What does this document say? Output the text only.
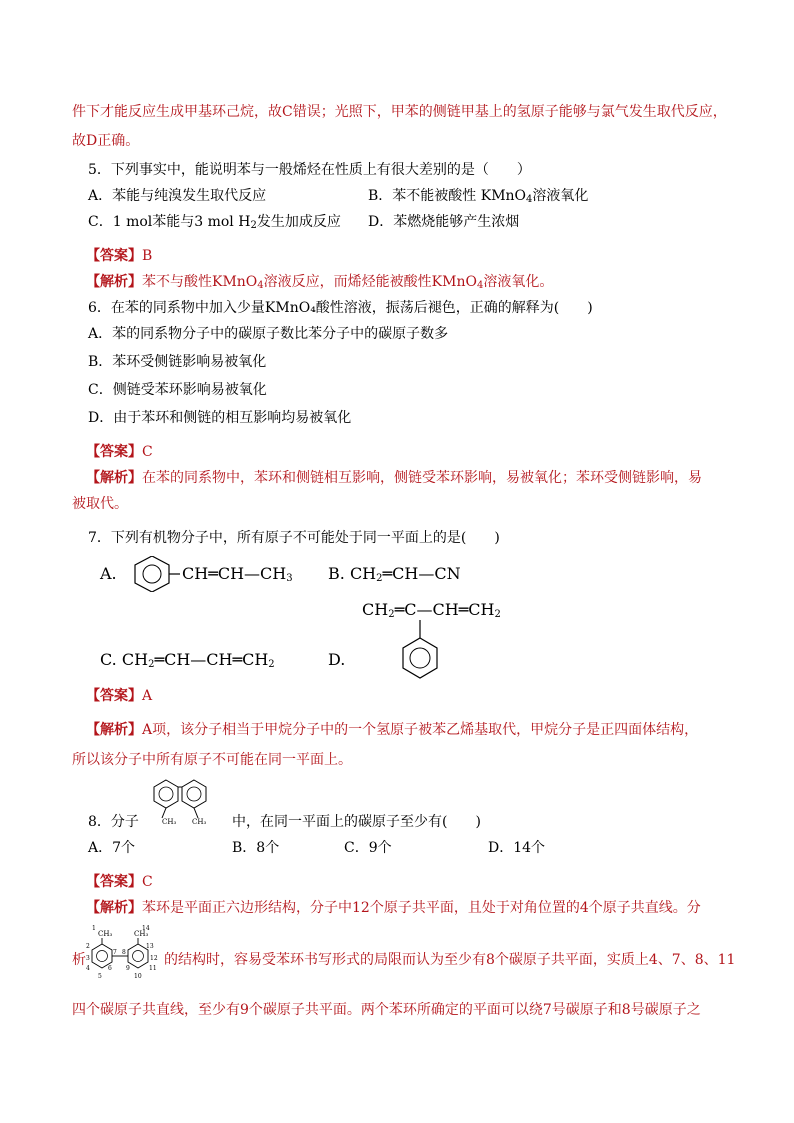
件下才能反应生成甲基环己烷，故C错误；光照下，甲苯的侧链甲基上的氢原子能够与氯气发生取代反应，
故D正确。
5．下列事实中，能说明苯与一般烯烃在性质上有很大差别的是（　　）
A．苯能与纯溴发生取代反应	B．苯不能被酸性 KMnO$_4$溶液氧化
C．1 mol苯能与3 mol $H_2$发生加成反应 D．苯燃烧能够产生浓烟
【答案】B
【解析】苯不与酸性KMnO$_4$溶液反应，而烯烃能被酸性KMnO$_4$溶液氧化。
6．在苯的同系物中加入少量KMnO₄酸性溶液，振荡后褪色，正确的解释为(　　)
A．苯的同系物分子中的碳原子数比苯分子中的碳原子数多
B．苯环受侧链影响易被氧化
C．侧链受苯环影响易被氧化
D．由于苯环和侧链的相互影响均易被氧化
【答案】C
【解析】在苯的同系物中，苯环和侧链相互影响，侧链受苯环影响，易被氧化；苯环受侧链影响，易
被取代。
7．下列有机物分子中，所有原子不可能处于同一平面上的是(　　)
A.	$CH═CH—CH_3$ B. $CH_2═CH—CN$
$CH_2═C—CH═CH_2$
C. $CH_2═CH—CH═CH_2$	D.
【答案】A
【解析】A项，该分子相当于甲烷分子中的一个氢原子被苯乙烯基取代，甲烷分子是正四面体结构，
所以该分子中所有原子不可能在同一平面上。
8．分子	CH₃ CH₃ 中，在同一平面上的碳原子至少有(　　)
A．7个	B．8个	C．9个	D．14个
【答案】C
【解析】苯环是平面正六边形结构，分子中12个原子共平面，且处于对角位置的4个原子共直线。分
CH₃	CH₃
1
2
3
4
5
6
7 8
9
10
11
12
13
14
析	的结构时，容易受苯环书写形式的局限而认为至少有8个碳原子共平面，实质上4、7、8、11
四个碳原子共直线，至少有9个碳原子共平面。两个苯环所确定的平面可以绕7号碳原子和8号碳原子之
